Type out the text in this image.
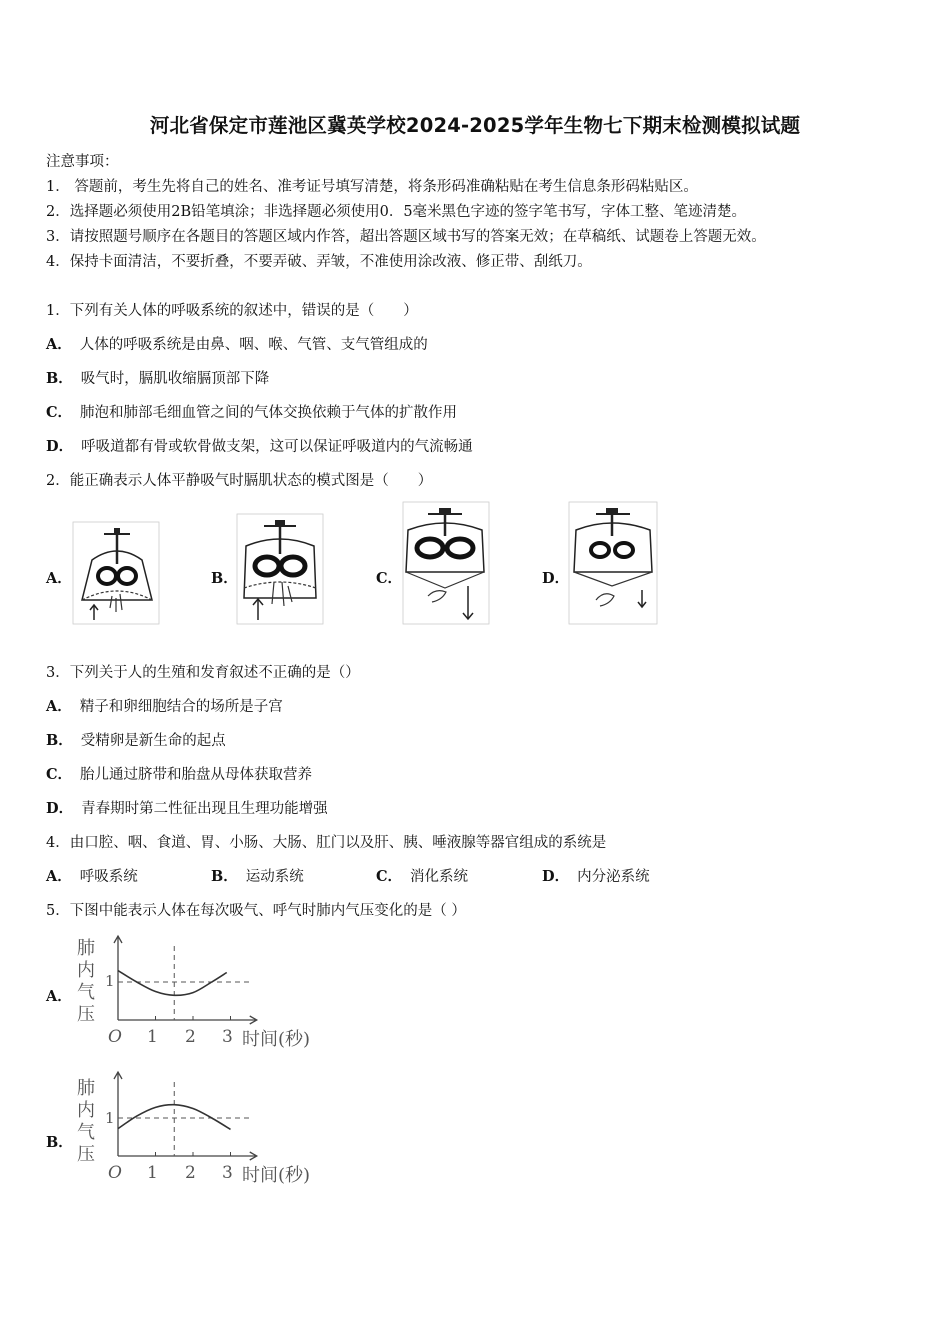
河北省保定市莲池区冀英学校2024-2025学年生物七下期末检测模拟试题
注意事项：
1． 答题前，考生先将自己的姓名、准考证号填写清楚，将条形码准确粘贴在考生信息条形码粘贴区。
2．选择题必须使用2B铅笔填涂；非选择题必须使用0．5毫米黑色字迹的签字笔书写，字体工整、笔迹清楚。
3．请按照题号顺序在各题目的答题区域内作答，超出答题区域书写的答案无效；在草稿纸、试题卷上答题无效。
4．保持卡面清洁，不要折叠，不要弄破、弄皱，不准使用涂改液、修正带、刮纸刀。
1．下列有关人体的呼吸系统的叙述中，错误的是（　　）
A． 人体的呼吸系统是由鼻、咽、喉、气管、支气管组成的
B． 吸气时，膈肌收缩膈顶部下降
C． 肺泡和肺部毛细血管之间的气体交换依赖于气体的扩散作用
D． 呼吸道都有骨或软骨做支架，这可以保证呼吸道内的气流畅通
2．能正确表示人体平静吸气时膈肌状态的模式图是（　　）
A．	B．	C．	D．
3．下列关于人的生殖和发育叙述不正确的是（）
A． 精子和卵细胞结合的场所是子宫
B． 受精卵是新生命的起点
C． 胎儿通过脐带和胎盘从母体获取营养
D． 青春期时第二性征出现且生理功能增强
4．由口腔、咽、食道、胃、小肠、大肠、肛门以及肝、胰、唾液腺等器官组成的系统是
A． 呼吸系统	B． 运动系统	C． 消化系统	D． 内分泌系统
5．下图中能表示人体在每次吸气、呼气时肺内气压变化的是（ ）
A．
肺
内
气
压
O 1 2 3 时间(秒)
1
B．
肺
内
气
压
O 1 2 3 时间(秒)
1
